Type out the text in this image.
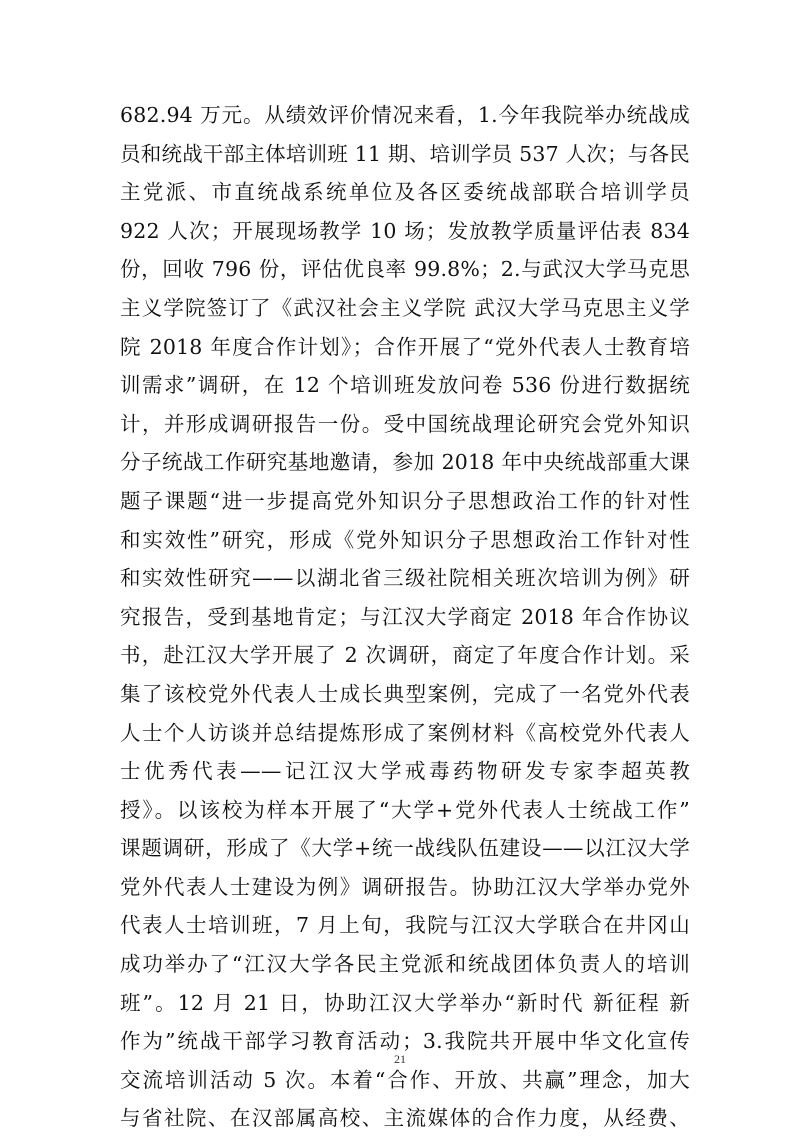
682.94 万元。从绩效评价情况来看，1.今年我院举办统战成
员和统战干部主体培训班 11 期、培训学员 537 人次；与各民
主党派、市直统战系统单位及各区委统战部联合培训学员
922 人次；开展现场教学 10 场；发放教学质量评估表 834
份，回收 796 份，评估优良率 99.8%；2.与武汉大学马克思
主义学院签订了《武汉社会主义学院 武汉大学马克思主义学
院 2018 年度合作计划》；合作开展了“党外代表人士教育培
训需求”调研，在 12 个培训班发放问卷 536 份进行数据统
计，并形成调研报告一份。受中国统战理论研究会党外知识
分子统战工作研究基地邀请，参加 2018 年中央统战部重大课
题子课题“进一步提高党外知识分子思想政治工作的针对性
和实效性”研究，形成《党外知识分子思想政治工作针对性
和实效性研究——以湖北省三级社院相关班次培训为例》研
究报告，受到基地肯定；与江汉大学商定 2018 年合作协议
书，赴江汉大学开展了 2 次调研，商定了年度合作计划。采
集了该校党外代表人士成长典型案例，完成了一名党外代表
人士个人访谈并总结提炼形成了案例材料《高校党外代表人
士优秀代表——记江汉大学戒毒药物研发专家李超英教
授》。以该校为样本开展了“大学+党外代表人士统战工作”
课题调研，形成了《大学+统一战线队伍建设——以江汉大学
党外代表人士建设为例》调研报告。协助江汉大学举办党外
代表人士培训班，7 月上旬，我院与江汉大学联合在井冈山
成功举办了“江汉大学各民主党派和统战团体负责人的培训
班”。12 月 21 日，协助江汉大学举办“新时代 新征程 新
作为”统战干部学习教育活动；3.我院共开展中华文化宣传
交流培训活动 5 次。本着“合作、开放、共赢”理念，加大
与省社院、在汉部属高校、主流媒体的合作力度，从经费、
21
